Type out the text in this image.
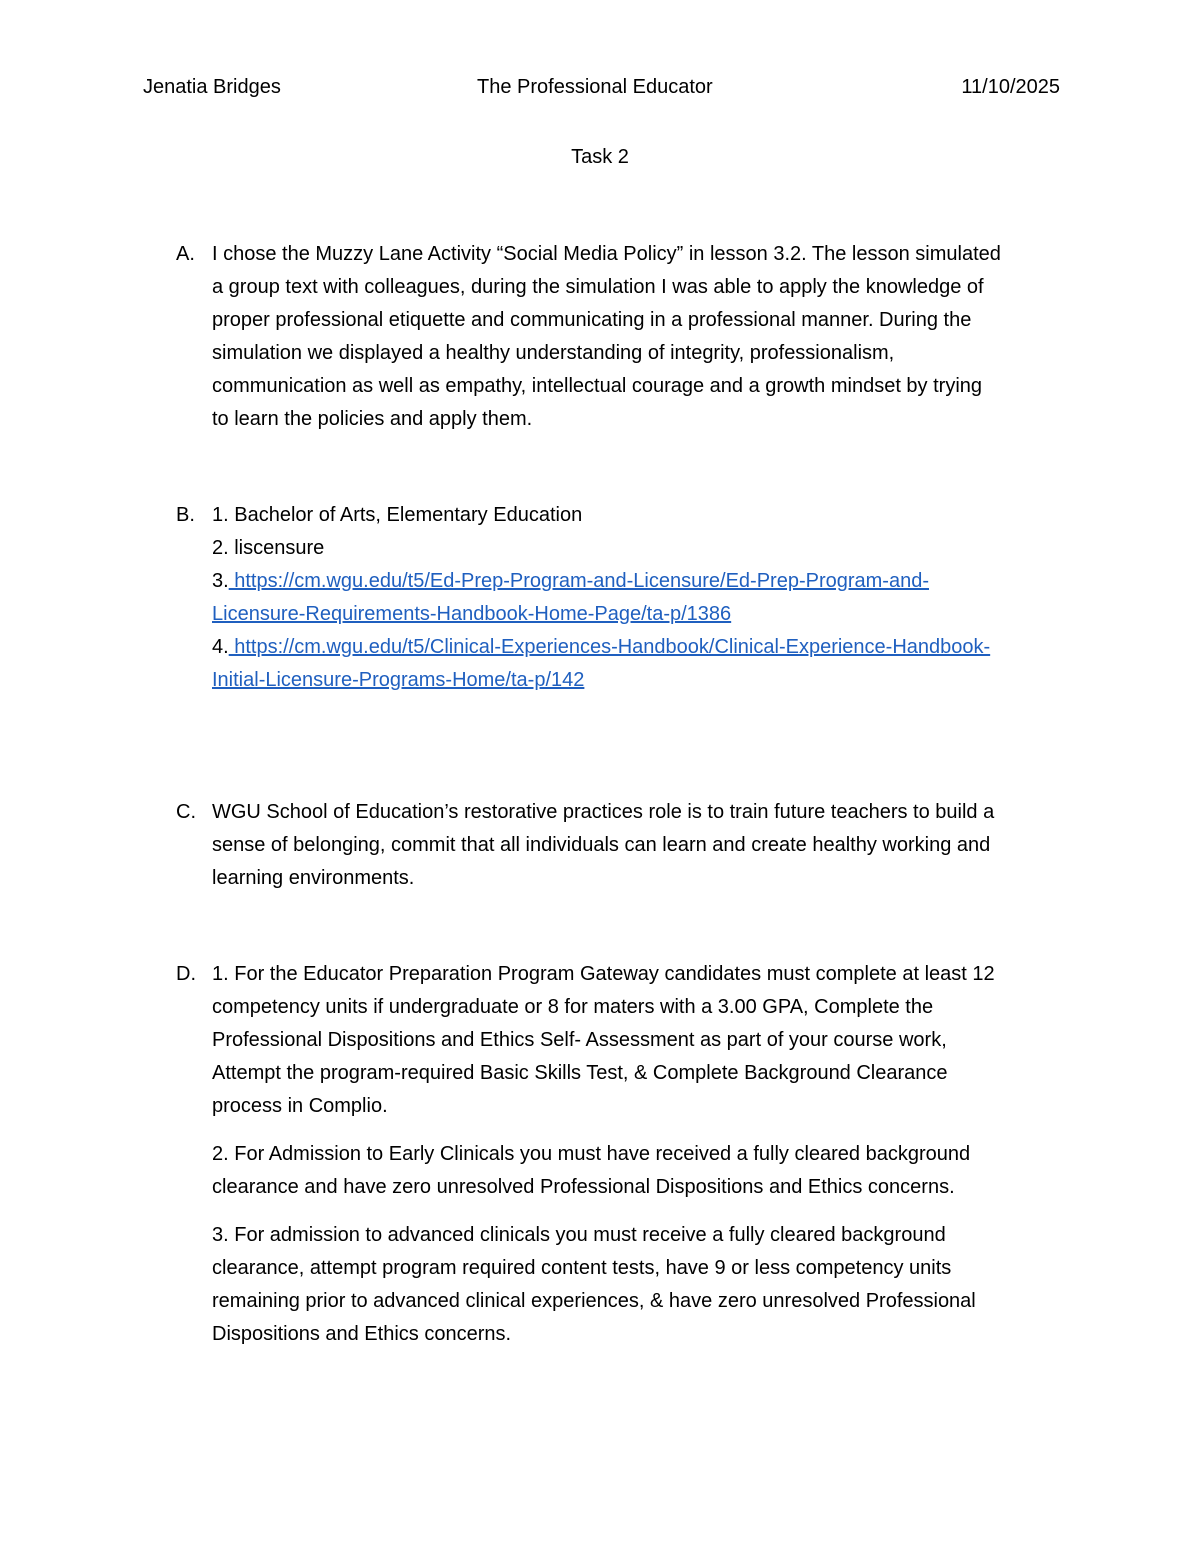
Jenatia Bridges	The Professional Educator	11/10/2025
Task 2
A. I chose the Muzzy Lane Activity “Social Media Policy” in lesson 3.2. The lesson simulated
a group text with colleagues, during the simulation I was able to apply the knowledge of
proper professional etiquette and communicating in a professional manner. During the
simulation we displayed a healthy understanding of integrity, professionalism,
communication as well as empathy, intellectual courage and a growth mindset by trying
to learn the policies and apply them.
B. 1. Bachelor of Arts, Elementary Education
2. liscensure
3. https://cm.wgu.edu/t5/Ed-Prep-Program-and-Licensure/Ed-Prep-Program-and-
Licensure-Requirements-Handbook-Home-Page/ta-p/1386
4. https://cm.wgu.edu/t5/Clinical-Experiences-Handbook/Clinical-Experience-Handbook-
Initial-Licensure-Programs-Home/ta-p/142
C. WGU School of Education’s restorative practices role is to train future teachers to build a
sense of belonging, commit that all individuals can learn and create healthy working and
learning environments.
D. 1. For the Educator Preparation Program Gateway candidates must complete at least 12
competency units if undergraduate or 8 for maters with a 3.00 GPA, Complete the
Professional Dispositions and Ethics Self- Assessment as part of your course work,
Attempt the program-required Basic Skills Test, & Complete Background Clearance
process in Complio.
2. For Admission to Early Clinicals you must have received a fully cleared background
clearance and have zero unresolved Professional Dispositions and Ethics concerns.
3. For admission to advanced clinicals you must receive a fully cleared background
clearance, attempt program required content tests, have 9 or less competency units
remaining prior to advanced clinical experiences, & have zero unresolved Professional
Dispositions and Ethics concerns.
